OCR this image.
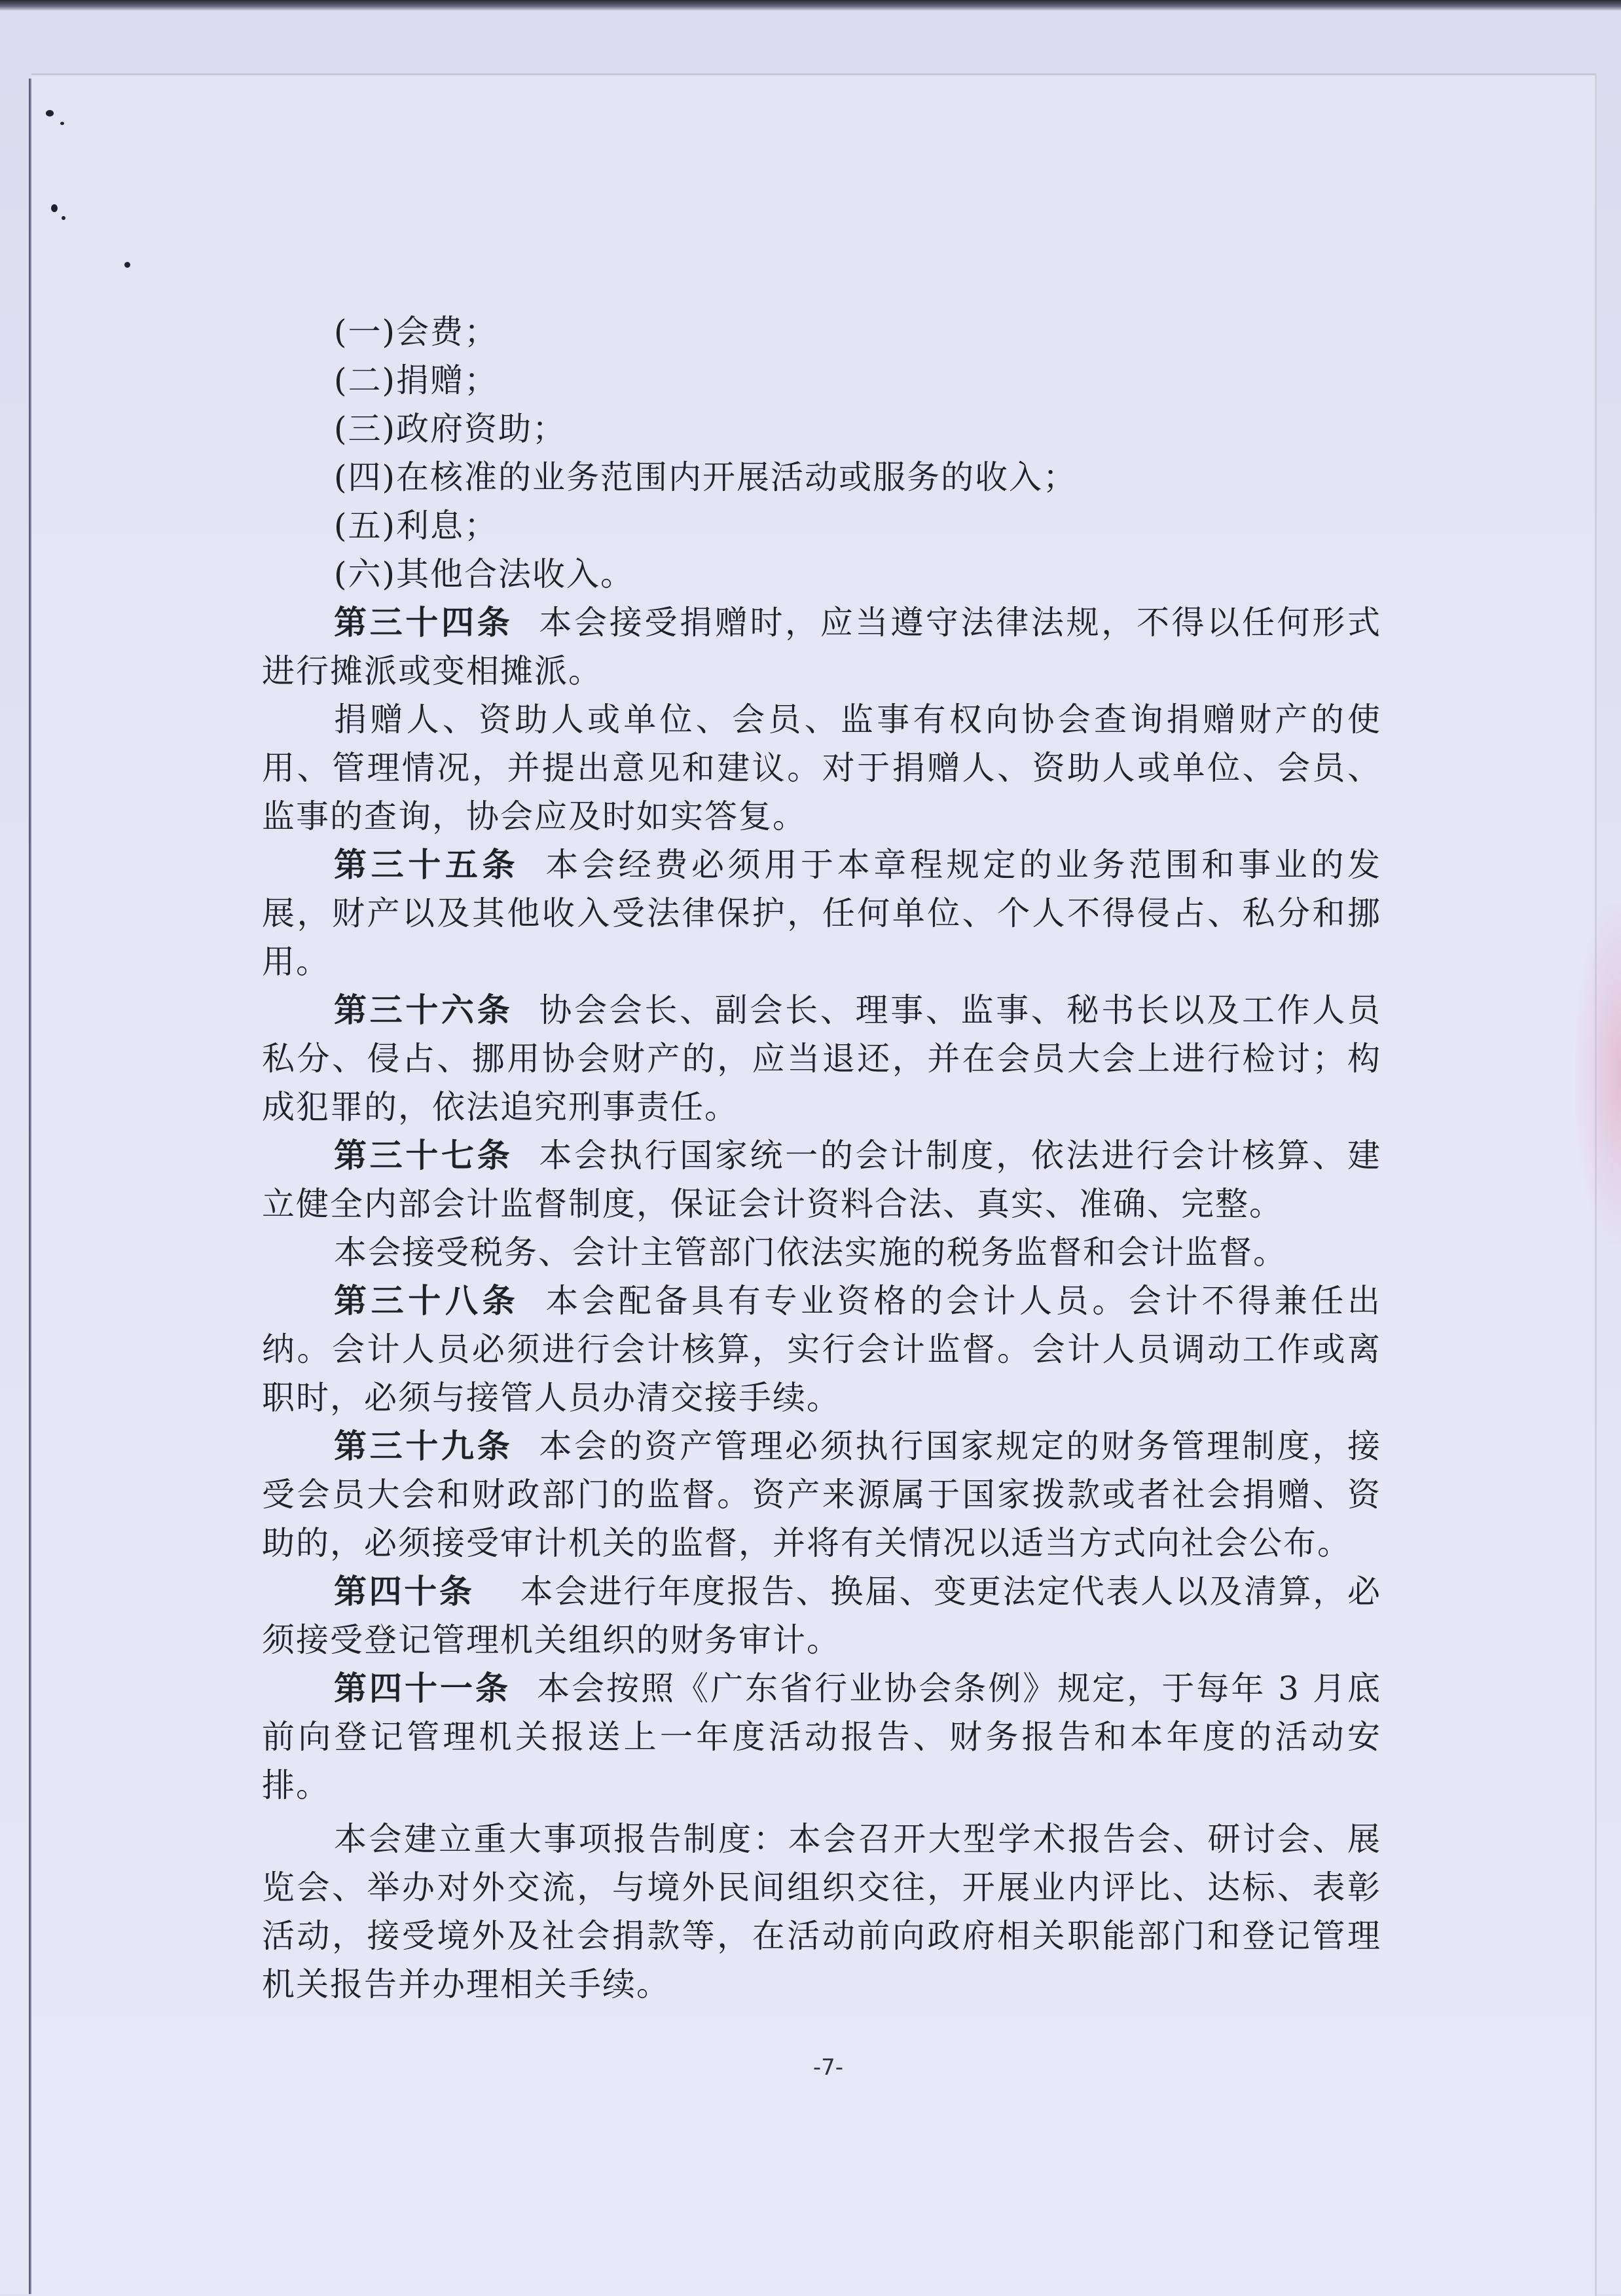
(一)会费；
(二)捐赠；
(三)政府资助；
(四)在核准的业务范围内开展活动或服务的收入；
(五)利息；
(六)其他合法收入。
第三十四条 本会接受捐赠时，应当遵守法律法规，不得以任何形式进行摊派或变相摊派。
捐赠人、资助人或单位、会员、监事有权向协会查询捐赠财产的使用、管理情况，并提出意见和建议。对于捐赠人、资助人或单位、会员、监事的查询，协会应及时如实答复。
第三十五条 本会经费必须用于本章程规定的业务范围和事业的发展，财产以及其他收入受法律保护，任何单位、个人不得侵占、私分和挪用。
第三十六条 协会会长、副会长、理事、监事、秘书长以及工作人员私分、侵占、挪用协会财产的，应当退还，并在会员大会上进行检讨；构成犯罪的，依法追究刑事责任。
第三十七条 本会执行国家统一的会计制度，依法进行会计核算、建立健全内部会计监督制度，保证会计资料合法、真实、准确、完整。
本会接受税务、会计主管部门依法实施的税务监督和会计监督。
第三十八条 本会配备具有专业资格的会计人员。会计不得兼任出纳。会计人员必须进行会计核算，实行会计监督。会计人员调动工作或离职时，必须与接管人员办清交接手续。
第三十九条 本会的资产管理必须执行国家规定的财务管理制度，接受会员大会和财政部门的监督。资产来源属于国家拨款或者社会捐赠、资助的，必须接受审计机关的监督，并将有关情况以适当方式向社会公布。
第四十条 本会进行年度报告、换届、变更法定代表人以及清算，必须接受登记管理机关组织的财务审计。
第四十一条 本会按照《广东省行业协会条例》规定，于每年 3 月底前向登记管理机关报送上一年度活动报告、财务报告和本年度的活动安排。
本会建立重大事项报告制度：本会召开大型学术报告会、研讨会、展览会、举办对外交流，与境外民间组织交往，开展业内评比、达标、表彰活动，接受境外及社会捐款等，在活动前向政府相关职能部门和登记管理机关报告并办理相关手续。
-7-
